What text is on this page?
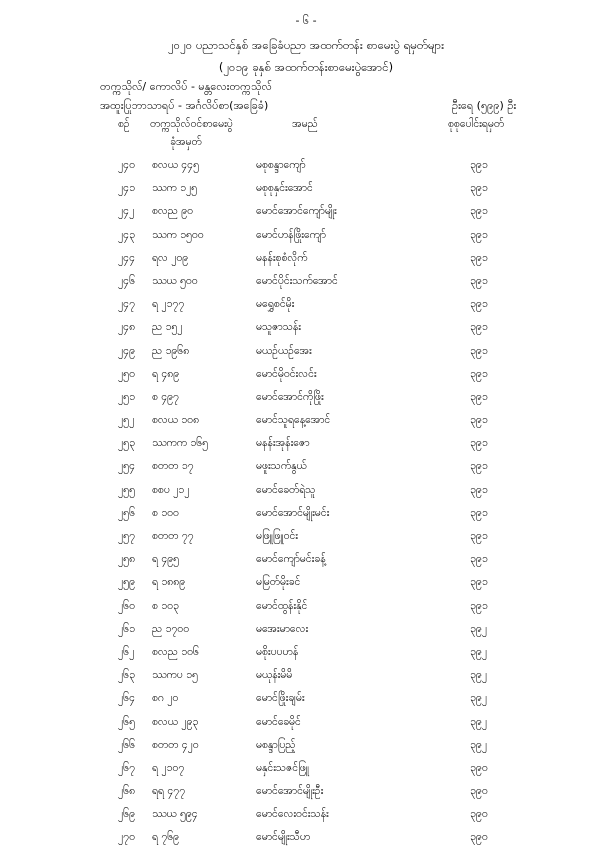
- ၆ -
၂၀၂၀ ပညာသင်နှစ် အခြေခံပညာ အထက်တန်း စာမေးပွဲ ရမှတ်များ
(၂၀၁၉ ခုနှစ် အထက်တန်းစာမေးပွဲအောင်)
တက္ကသိုလ်/ ကောလိပ် - မန္တလေးတက္ကသိုလ်
အထူးပြုဘာသာရပ် - အင်္ဂလိပ်စာ(အခြေခံ)	ဦးရေ (၅၉၉) ဦး
စဉ် တက္ကသိုလ်ဝင်စာမေးပွဲ
ခုံအမှတ်
အမည်	စုစုပေါင်းရမှတ်
၂၄၀ စလယ ၄၄၅	မစုစန္ဒာကျော်	၃၉၁
၂၄၁ ဿက ၁၂၅	မစုစုနှင်းအောင်	၃၉၁
၂၄၂ စလည ၉၀	မောင်အောင်ကျော်မျိုး	၃၉၁
၂၄၃ ဿက ၁၅၀၀	မောင်ဟန်ဖြိုးကျော်	၃၉၁
၂၄၄ ရလ ၂၀၉	မနန်းစုစံလိုက်	၃၉၁
၂၄၆ ဿယ ၅၀၀	မောင်ပိုင်းသက်အောင်	၃၉၁
၂၄၇ ရ ၂၁၇၇	မရွှေစင်မိုး	၃၉၁
၂၄၈ ည ၁၅၂	မသူဇာသန်း	၃၉၁
၂၄၉ ည ၁၉၆၈	မယဉ်ယဉ်အေး	၃၉၁
၂၅၀ ရ ၄၈၉	မောင်မိုဝင်းလင်း	၃၉၁
၂၅၁ စ ၄၉၇	မောင်အောင်ကိုဖြိုး	၃၉၁
၂၅၂ စလယ ၁၀၈	မောင်သူရနေ့အောင်	၃၉၁
၂၅၃ ဿကက ၁၆၅	မနန်းအုန်းဇော	၃၉၁
၂၅၄ စတတ ၁၇	မဖူးသက်နွယ်	၃၉၁
၂၅၅ စစပ ၂၁၂	မောင်ခေတ်ရဲသူ	၃၉၁
၂၅၆ စ ၁၀၀	မောင်အောင်မျိုးမင်း	၃၉၁
၂၅၇ စတတ ၇၇	မဖြူဖြူဝင်း	၃၉၁
၂၅၈ ရ ၄၉၅	မောင်ကျော်မင်းခန့်	၃၉၁
၂၅၉ ရ ၁၈၈၉	မမြတ်မိုးခင်	၃၉၁
၂၆၀ စ ၁၀၃	မောင်ထွန်းနိုင်	၃၉၁
၂၆၁ ည ၁၇၀၀	မအေးမာလေး	၃၉၂
၂၆၂ စလည ၁၀၆	မစိုးပပဟန်	၃၉၂
၂၆၃ ဿကပ ၁၅	မယုန်းမိမိ	၃၉၂
၂၆၄ စဂ ၂၀	မောင်ဖြိုးချမ်း	၃၉၂
၂၆၅ စလယ ၂၉၃	မောင်ခေမိုင်	၃၉၂
၂၆၆ စတတ ၄၂၀	မစန္ဒာပြည့်	၃၉၂
၂၆၇ ရ ၂၁၀၇	မနှင်းသဇင်ဖြူ	၃၉၀
၂၆၈ ရရ ၄၇၇	မောင်အောင်မျိုးဦး	၃၉၀
၂၆၉ ဿယ ၅၉၄	မောင်လေးဝင်းသန်း	၃၉၀
၂၇၀ ရ ၇၆၉	မောင်မျိုးသီဟ	၃၉၀
